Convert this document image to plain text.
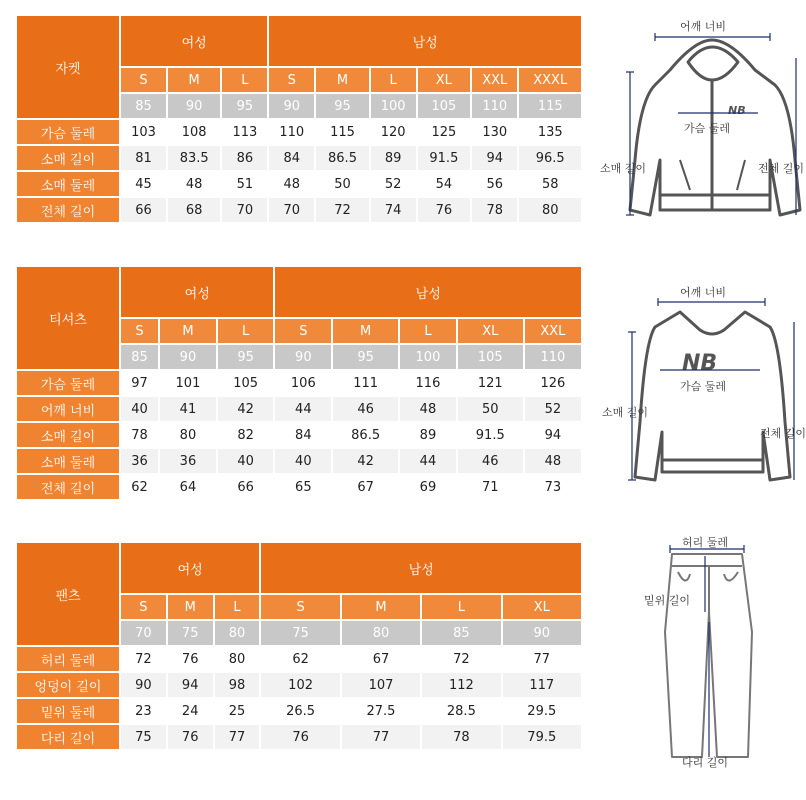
자켓	여성			남성					
	S	M	L	S	M	L	XL	XXL	XXXL
	85	90	95	90	95	100	105	110	115
가슴 둘레	103	108	113	110	115	120	125	130	135
소매 길이	81	83.5	86	84	86.5	89	91.5	94	96.5
소매 둘레	45	48	51	48	50	52	54	56	58
전체 길이	66	68	70	70	72	74	76	78	80
티셔츠	여성			남성				
	S	M	L	S	M	L	XL	XXL
	85	90	95	90	95	100	105	110
가슴 둘레	97	101	105	106	111	116	121	126
어깨 너비	40	41	42	44	46	48	50	52
소매 길이	78	80	82	84	86.5	89	91.5	94
소매 둘레	36	36	40	40	42	44	46	48
전체 길이	62	64	66	65	67	69	71	73
팬츠	여성			남성			
	S	M	L	S	M	L	XL
	70	75	80	75	80	85	90
허리 둘레	72	76	80	62	67	72	77
엉덩이 길이	90	94	98	102	107	112	117
밑위 둘레	23	24	25	26.5	27.5	28.5	29.5
다리 길이	75	76	77	76	77	78	79.5
NB
어깨 너비
가슴 둘레
소매 길이	전체 길이
NB
어깨 너비
가슴 둘레
소매 길이
전체 길이
허리 둘레
밑위 길이
다리 길이
